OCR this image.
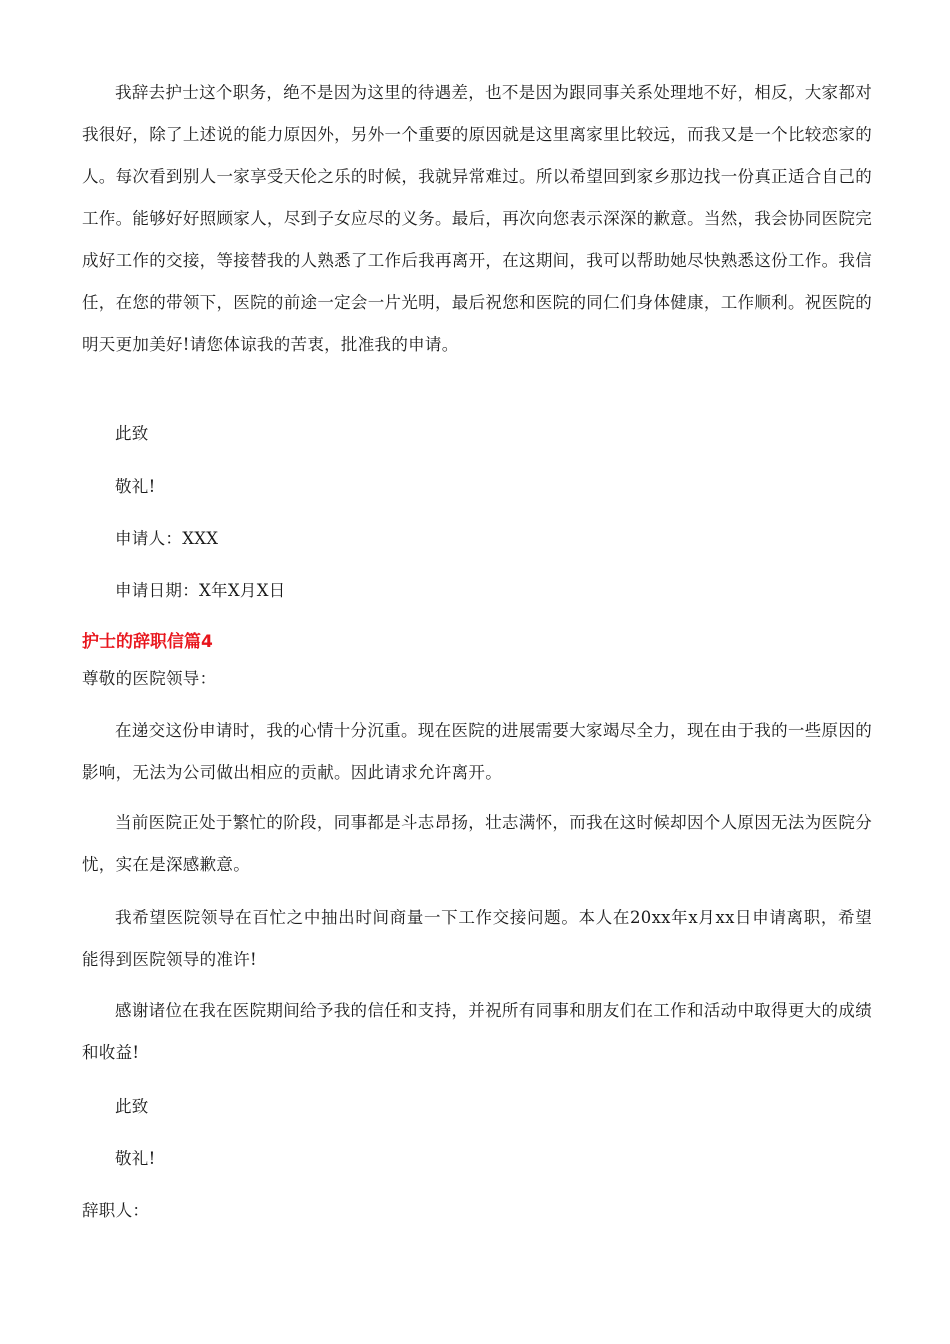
我辞去护士这个职务，绝不是因为这里的待遇差，也不是因为跟同事关系处理地不好，相反，大家都对我很好，除了上述说的能力原因外，另外一个重要的原因就是这里离家里比较远，而我又是一个比较恋家的人。每次看到别人一家享受天伦之乐的时候，我就异常难过。所以希望回到家乡那边找一份真正适合自己的工作。能够好好照顾家人，尽到子女应尽的义务。最后，再次向您表示深深的歉意。当然，我会协同医院完成好工作的交接，等接替我的人熟悉了工作后我再离开，在这期间，我可以帮助她尽快熟悉这份工作。我信任，在您的带领下，医院的前途一定会一片光明，最后祝您和医院的同仁们身体健康，工作顺利。祝医院的明天更加美好!请您体谅我的苦衷，批准我的申请。

此致

敬礼!

申请人：XXX

申请日期：X年X月X日

护士的辞职信篇4

尊敬的医院领导：

在递交这份申请时，我的心情十分沉重。现在医院的进展需要大家竭尽全力，现在由于我的一些原因的影响，无法为公司做出相应的贡献。因此请求允许离开。

当前医院正处于繁忙的阶段，同事都是斗志昂扬，壮志满怀，而我在这时候却因个人原因无法为医院分忧，实在是深感歉意。

我希望医院领导在百忙之中抽出时间商量一下工作交接问题。本人在20xx年x月xx日申请离职，希望能得到医院领导的准许!

感谢诸位在我在医院期间给予我的信任和支持，并祝所有同事和朋友们在工作和活动中取得更大的成绩和收益!

此致

敬礼!

辞职人：
